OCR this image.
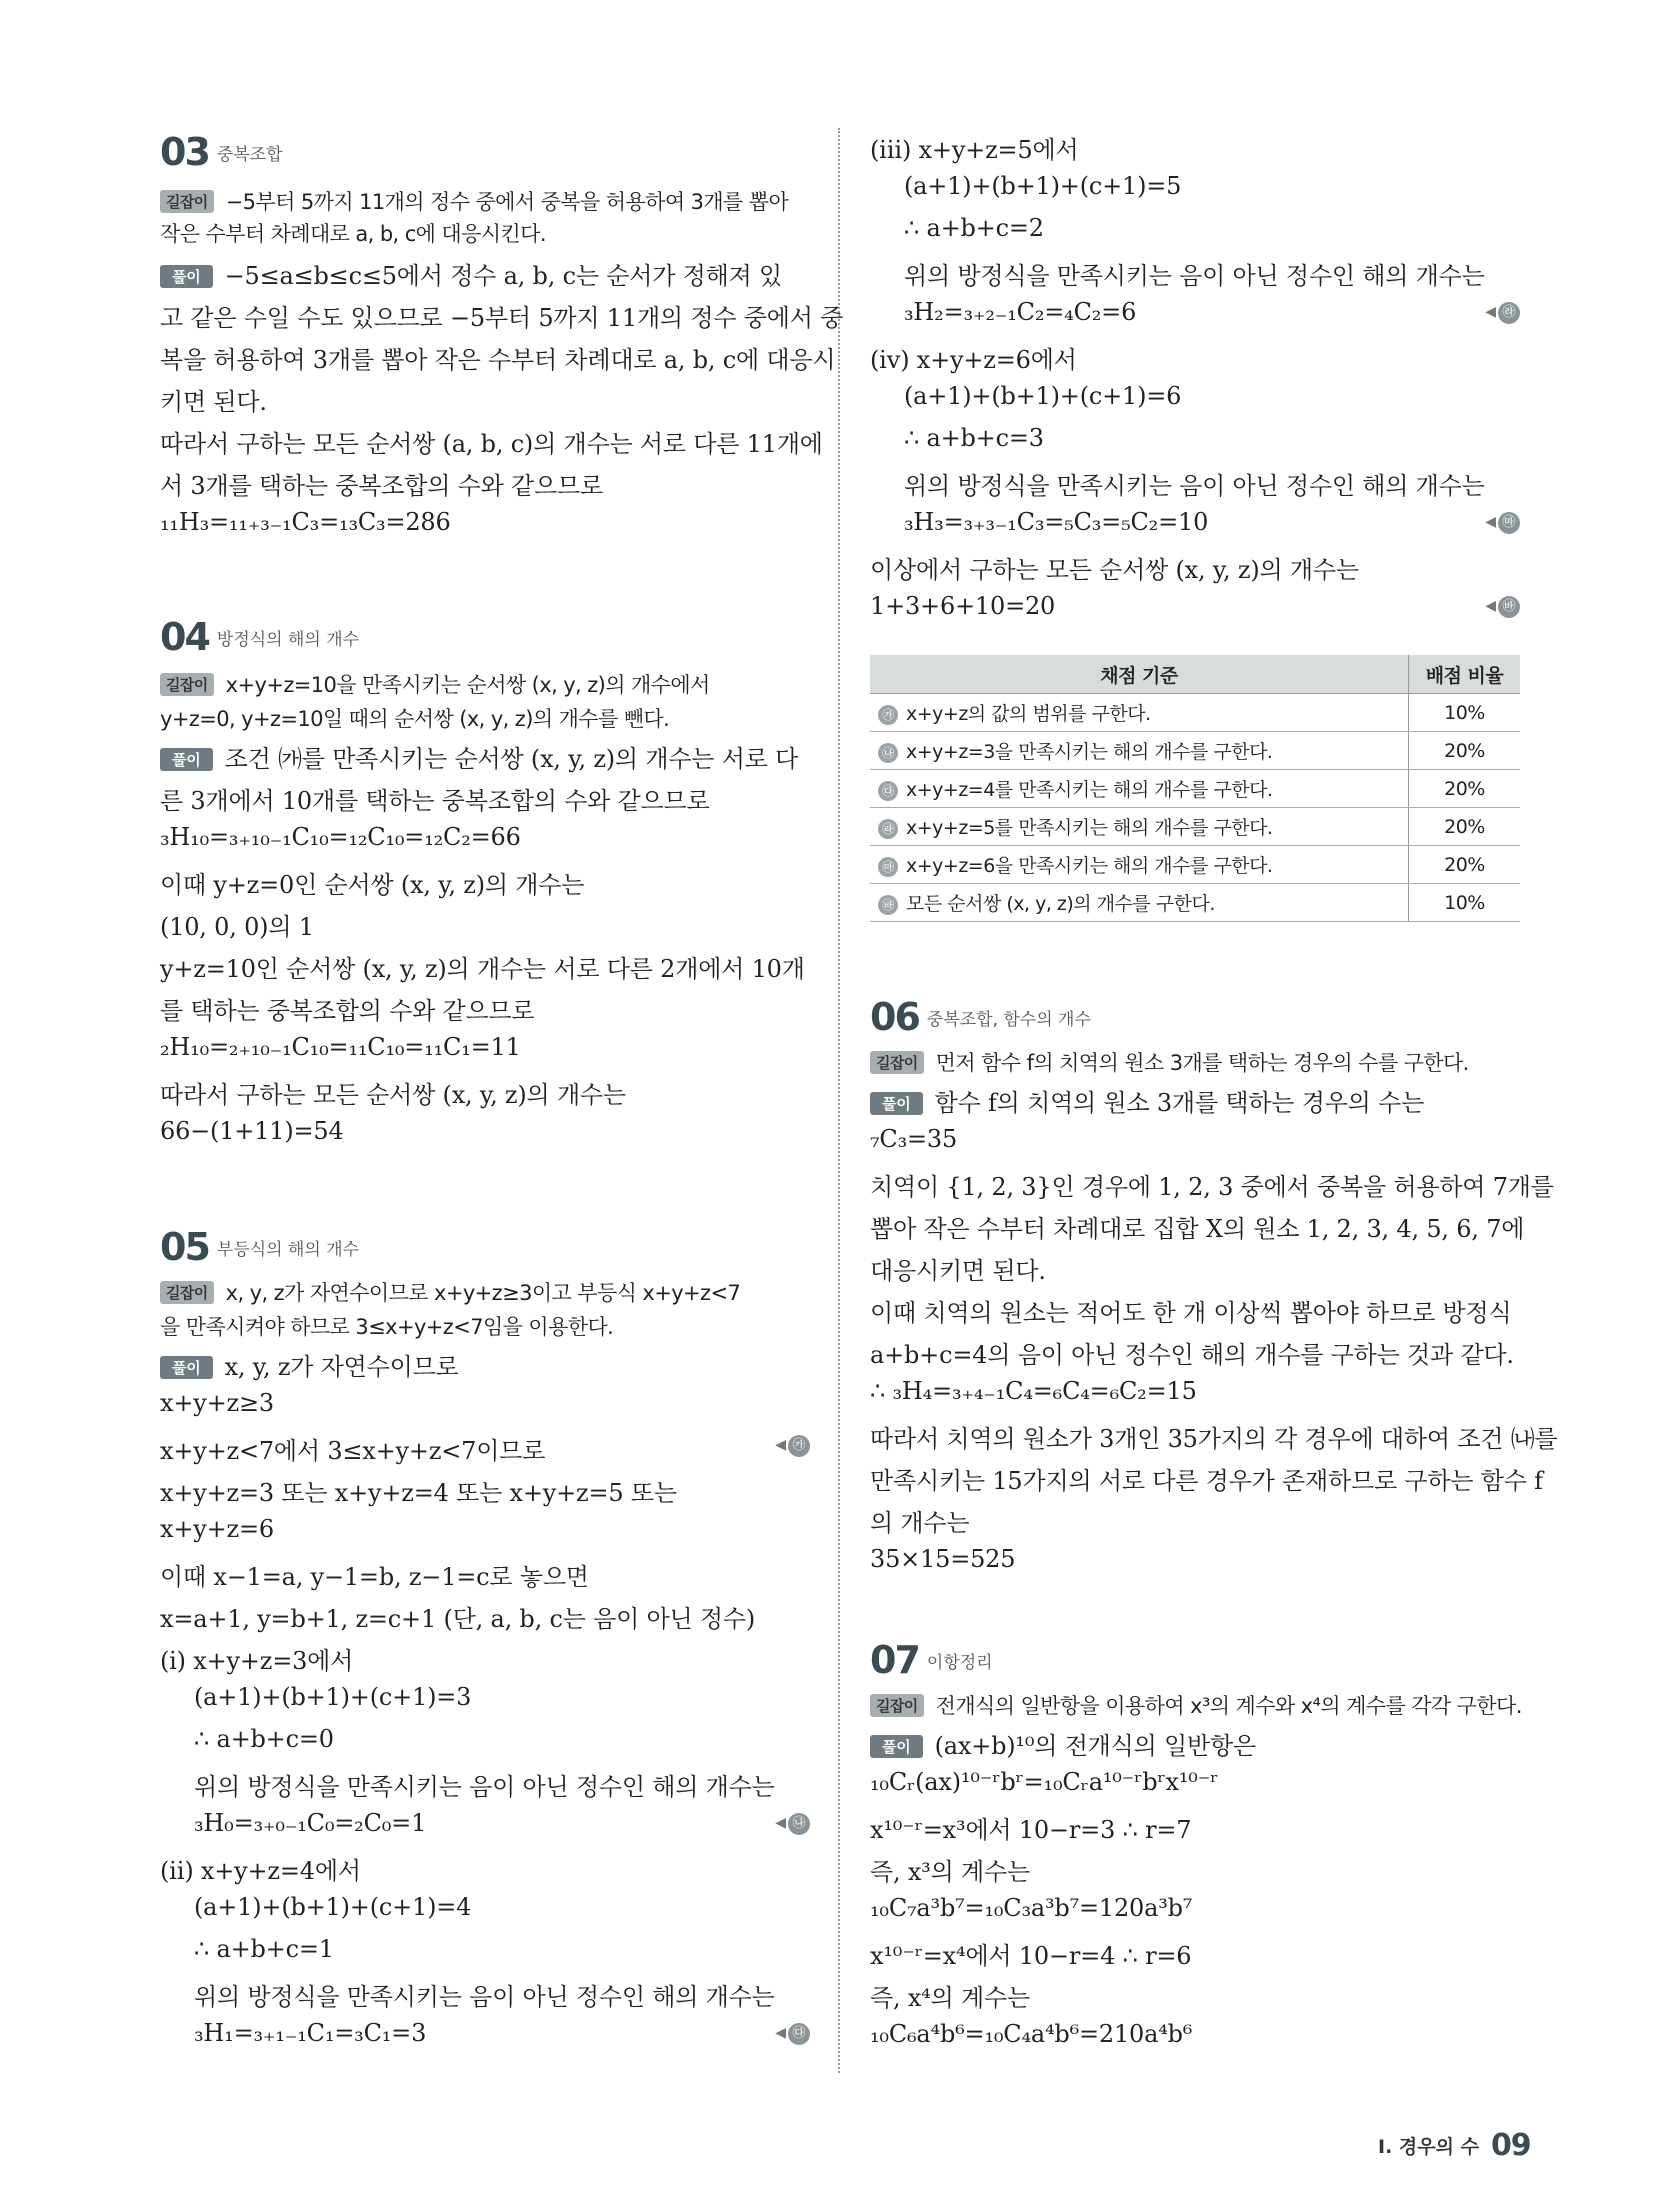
03 중복조합
길잡이 −5부터 5까지 11개의 정수 중에서 중복을 허용하여 3개를 뽑아
작은 수부터 차례대로 a, b, c에 대응시킨다.
풀이 −5≤a≤b≤c≤5에서 정수 a, b, c는 순서가 정해져 있
고 같은 수일 수도 있으므로 −5부터 5까지 11개의 정수 중에서 중
복을 허용하여 3개를 뽑아 작은 수부터 차례대로 a, b, c에 대응시
키면 된다.
따라서 구하는 모든 순서쌍 (a, b, c)의 개수는 서로 다른 11개에
서 3개를 택하는 중복조합의 수와 같으므로
₁₁H₃=₁₁₊₃₋₁C₃=₁₃C₃=286
04 방정식의 해의 개수
길잡이 x+y+z=10을 만족시키는 순서쌍 (x, y, z)의 개수에서
y+z=0, y+z=10일 때의 순서쌍 (x, y, z)의 개수를 뺀다.
풀이 조건 ㈎를 만족시키는 순서쌍 (x, y, z)의 개수는 서로 다
른 3개에서 10개를 택하는 중복조합의 수와 같으므로
₃H₁₀=₃₊₁₀₋₁C₁₀=₁₂C₁₀=₁₂C₂=66
이때 y+z=0인 순서쌍 (x, y, z)의 개수는
(10, 0, 0)의 1
y+z=10인 순서쌍 (x, y, z)의 개수는 서로 다른 2개에서 10개
를 택하는 중복조합의 수와 같으므로
₂H₁₀=₂₊₁₀₋₁C₁₀=₁₁C₁₀=₁₁C₁=11
따라서 구하는 모든 순서쌍 (x, y, z)의 개수는
66−(1+11)=54
05 부등식의 해의 개수
길잡이 x, y, z가 자연수이므로 x+y+z≥3이고 부등식 x+y+z<7
을 만족시켜야 하므로 3≤x+y+z<7임을 이용한다.
풀이 x, y, z가 자연수이므로
x+y+z≥3
x+y+z<7에서 3≤x+y+z<7이므로	◀ ㉮
x+y+z=3 또는 x+y+z=4 또는 x+y+z=5 또는
x+y+z=6
이때 x−1=a, y−1=b, z−1=c로 놓으면
x=a+1, y=b+1, z=c+1 (단, a, b, c는 음이 아닌 정수)
(ⅰ) x+y+z=3에서
(a+1)+(b+1)+(c+1)=3
∴ a+b+c=0
위의 방정식을 만족시키는 음이 아닌 정수인 해의 개수는
₃H₀=₃₊₀₋₁C₀=₂C₀=1	◀ ㉯
(ⅱ) x+y+z=4에서
(a+1)+(b+1)+(c+1)=4
∴ a+b+c=1
위의 방정식을 만족시키는 음이 아닌 정수인 해의 개수는
₃H₁=₃₊₁₋₁C₁=₃C₁=3	◀ ㉰
(ⅲ) x+y+z=5에서
(a+1)+(b+1)+(c+1)=5
∴ a+b+c=2
위의 방정식을 만족시키는 음이 아닌 정수인 해의 개수는
₃H₂=₃₊₂₋₁C₂=₄C₂=6	◀ ㉱
(ⅳ) x+y+z=6에서
(a+1)+(b+1)+(c+1)=6
∴ a+b+c=3
위의 방정식을 만족시키는 음이 아닌 정수인 해의 개수는
₃H₃=₃₊₃₋₁C₃=₅C₃=₅C₂=10	◀ ㉲
이상에서 구하는 모든 순서쌍 (x, y, z)의 개수는
1+3+6+10=20	◀ ㉳
채점 기준	배점 비율
㉮ x+y+z의 값의 범위를 구한다.	10%
㉯ x+y+z=3을 만족시키는 해의 개수를 구한다.	20%
㉰ x+y+z=4를 만족시키는 해의 개수를 구한다.	20%
㉱ x+y+z=5를 만족시키는 해의 개수를 구한다.	20%
㉲ x+y+z=6을 만족시키는 해의 개수를 구한다.	20%
㉳ 모든 순서쌍 (x, y, z)의 개수를 구한다.	10%
06 중복조합, 함수의 개수
길잡이 먼저 함수 f의 치역의 원소 3개를 택하는 경우의 수를 구한다.
풀이 함수 f의 치역의 원소 3개를 택하는 경우의 수는
₇C₃=35
치역이 {1, 2, 3}인 경우에 1, 2, 3 중에서 중복을 허용하여 7개를
뽑아 작은 수부터 차례대로 집합 X의 원소 1, 2, 3, 4, 5, 6, 7에
대응시키면 된다.
이때 치역의 원소는 적어도 한 개 이상씩 뽑아야 하므로 방정식
a+b+c=4의 음이 아닌 정수인 해의 개수를 구하는 것과 같다.
∴ ₃H₄=₃₊₄₋₁C₄=₆C₄=₆C₂=15
따라서 치역의 원소가 3개인 35가지의 각 경우에 대하여 조건 ㈏를
만족시키는 15가지의 서로 다른 경우가 존재하므로 구하는 함수 f
의 개수는
35×15=525
07 이항정리
길잡이 전개식의 일반항을 이용하여 x³의 계수와 x⁴의 계수를 각각 구한다.
풀이 (ax+b)¹⁰의 전개식의 일반항은
₁₀Cᵣ(ax)¹⁰⁻ʳbʳ=₁₀Cᵣa¹⁰⁻ʳbʳx¹⁰⁻ʳ
x¹⁰⁻ʳ=x³에서 10−r=3 ∴ r=7
즉, x³의 계수는
₁₀C₇a³b⁷=₁₀C₃a³b⁷=120a³b⁷
x¹⁰⁻ʳ=x⁴에서 10−r=4 ∴ r=6
즉, x⁴의 계수는
₁₀C₆a⁴b⁶=₁₀C₄a⁴b⁶=210a⁴b⁶
Ⅰ. 경우의 수 09
